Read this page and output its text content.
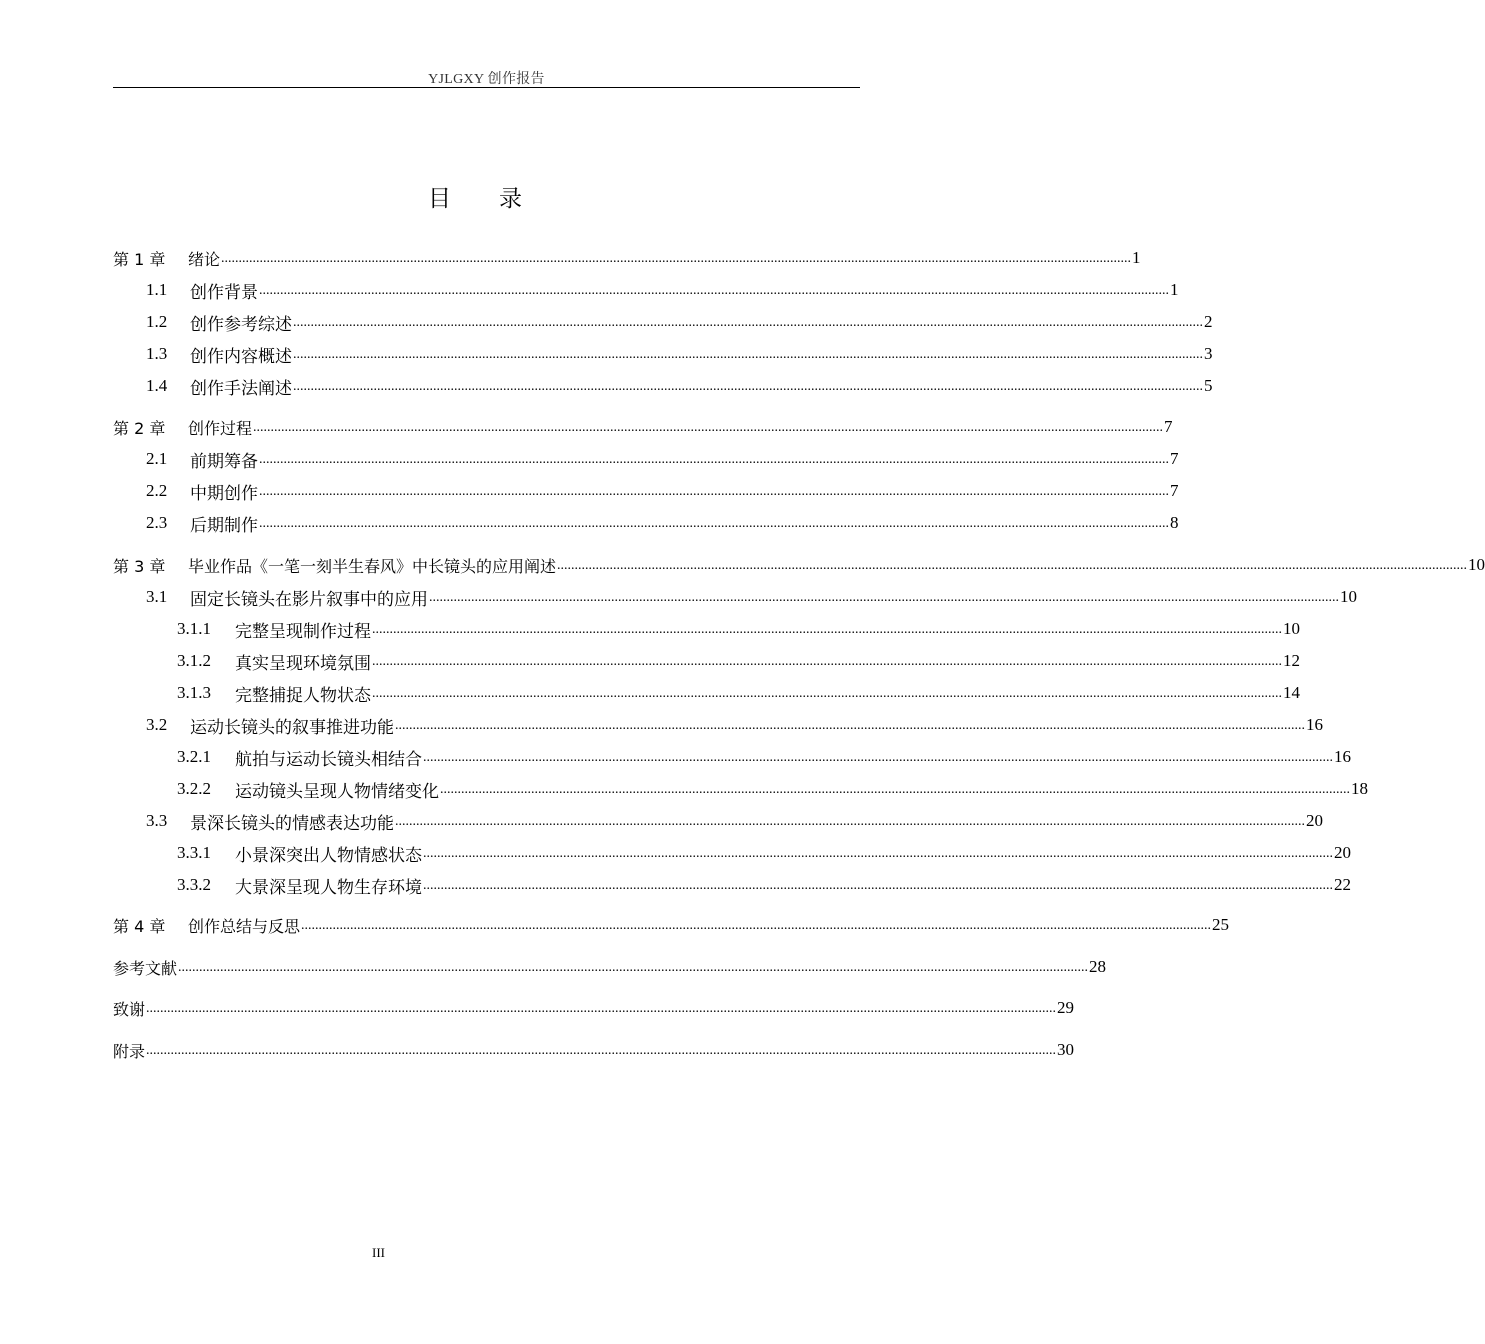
YJLGXY 创作报告
目 录
第 1 章	绪论 .................................................................................................................................................................................................................................................................... 1
1.1	创作背景 .................................................................................................................................................................................................................................................................... 1
1.2	创作参考综述 .................................................................................................................................................................................................................................................................... 2
1.3	创作内容概述 .................................................................................................................................................................................................................................................................... 3
1.4	创作手法阐述 .................................................................................................................................................................................................................................................................... 5
第 2 章	创作过程 .................................................................................................................................................................................................................................................................... 7
2.1	前期筹备 .................................................................................................................................................................................................................................................................... 7
2.2	中期创作 .................................................................................................................................................................................................................................................................... 7
2.3	后期制作 .................................................................................................................................................................................................................................................................... 8
第 3 章	毕业作品《一笔一刻半生春风》中长镜头的应用阐述 .................................................................................................................................................................................................................................................................... 10
3.1	固定长镜头在影片叙事中的应用 .................................................................................................................................................................................................................................................................... 10
3.1.1	完整呈现制作过程 .................................................................................................................................................................................................................................................................... 10
3.1.2	真实呈现环境氛围 .................................................................................................................................................................................................................................................................... 12
3.1.3	完整捕捉人物状态 .................................................................................................................................................................................................................................................................... 14
3.2	运动长镜头的叙事推进功能 .................................................................................................................................................................................................................................................................... 16
3.2.1	航拍与运动长镜头相结合 .................................................................................................................................................................................................................................................................... 16
3.2.2	运动镜头呈现人物情绪变化 .................................................................................................................................................................................................................................................................... 18
3.3	景深长镜头的情感表达功能 .................................................................................................................................................................................................................................................................... 20
3.3.1	小景深突出人物情感状态 .................................................................................................................................................................................................................................................................... 20
3.3.2	大景深呈现人物生存环境 .................................................................................................................................................................................................................................................................... 22
第 4 章	创作总结与反思 .................................................................................................................................................................................................................................................................... 25
参考文献 .................................................................................................................................................................................................................................................................... 28
致谢 .................................................................................................................................................................................................................................................................... 29
附录 .................................................................................................................................................................................................................................................................... 30
III
